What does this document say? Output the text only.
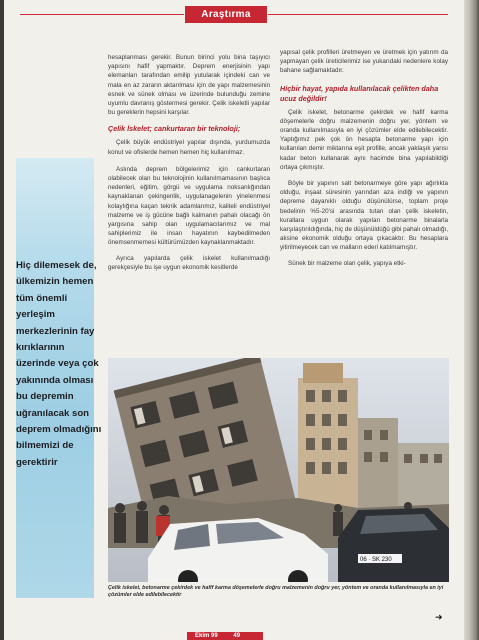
Araştırma
Hiç dilemesek de, ülkemizin hemen tüm önemli yerleşim merkezlerinin fay kırıklarının üzerinde veya çok yakınında olması bu depremin uğranılacak son deprem olmadığını bilmemizi de gerektirir

hesaplanması gerekir. Bunun birinci yolu bina taşıyıcı yapısını hafif yapmaktır. Deprem enerjisinin yapı elemanları tarafından emilip yutularak içindeki can ve mala en az zararın aktarılması için de yapı malzemesinin esnek ve sünek olması ve üzerinde bulunduğu zemine uyumlu davranış göstermesi gerekir. Çelik iskeletli yapılar bu gereklerin hepsini karşılar.

Çelik İskelet; cankurtaran bir teknoloji;

Çelik büyük endüstriyel yapılar dışında, yurdumuzda konut ve ofislerde hemen hemen hiç kullanılmaz.

Aslında deprem bölgelerimiz için cankurtaran olabilecek olan bu teknolojinin kullanılmamasının başlıca nedenleri, eğitim, görgü ve uygulama noksanlığından kaynaklanan çekingenlik, uygulanagelenin yinelenmesi kolaylığına kaçan teknik adamlarımız, kaliteli endüstriyel malzeme ve iş gücüne bağlı kalmanın pahalı olacağı ön yargısına sahip olan uygulamacılarımız ve mal sahiplerimiz ile insan hayatının kaybedilmeden önemsenmemesi kültürümüzden kaynaklanmaktadır.

Ayrıca yapılarda çelik iskelet kullanılmadığı gerekçesiyle bu işe uygun ekonomik kesitlerde

yapısal çelik profilleri üretmeyen ve üretmek için yatırım da yapmayan çelik üreticilerimiz ise yukarıdaki nedenlere kolay bahane sağlamaktadır.

Hiçbir hayat, yapıda kullanılacak çelikten daha ucuz değildir!

Çelik iskelet, betonarme çekirdek ve hafif karma döşemelerle doğru malzemenin doğru yer, yöntem ve oranda kullanılmasıyla en iyi çözümler elde edilebilecektir. Yaptığımız pek çok ön hesapta betonarme yapı için kullanılan demir miktarına eşit profille, ancak yaklaşık yarısı kadar beton kullanarak aynı hacimde bina yapılabildiği ortaya çıkmıştır.

Böyle bir yapının salt betonarmeye göre yapı ağırlıkta olduğu, inşaat süresinin yarından aza indiği ve yapının depreme dayanıklı olduğu düşünülürse, toplam proje bedelinin %5-20'si arasında tutan olan çelik iskeletin, kurallara uygun olarak yapılan betonarme binalarla karşılaştırıldığında, hiç de düşünüldüğü gibi pahalı olmadığı, aksine ekonomik olduğu ortaya çıkacaktır. Bu hesaplara yitirilmeyecek can ve malların ederi katılmamıştır.

Sünek bir malzeme olan çelik, yapıya etki-

06 · SK 230
Çelik iskelet, betonarme çekirdek ve hafif karma döşemelerle doğru malzemenin doğru yer, yöntem ve oranda kullanılmasıyla en iyi çözümler elde edilebilecektir
➜
Ekim 99	49
